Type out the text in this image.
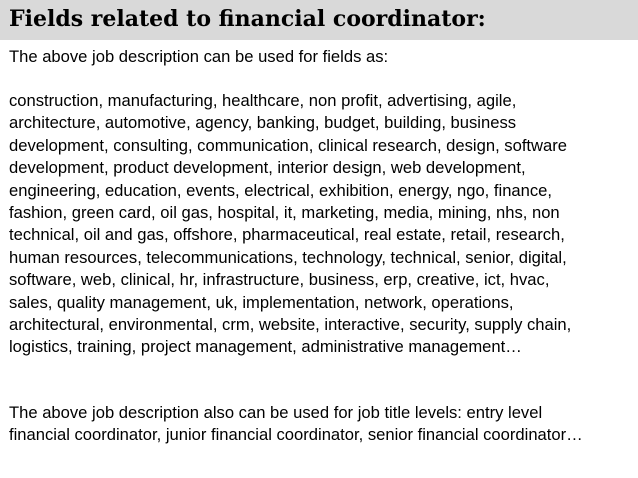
Fields related to financial coordinator:

The above job description can be used for fields as:

construction, manufacturing, healthcare, non profit, advertising, agile,
architecture, automotive, agency, banking, budget, building, business
development, consulting, communication, clinical research, design, software
development, product development, interior design, web development,
engineering, education, events, electrical, exhibition, energy, ngo, finance,
fashion, green card, oil gas, hospital, it, marketing, media, mining, nhs, non
technical, oil and gas, offshore, pharmaceutical, real estate, retail, research,
human resources, telecommunications, technology, technical, senior, digital,
software, web, clinical, hr, infrastructure, business, erp, creative, ict, hvac,
sales, quality management, uk, implementation, network, operations,
architectural, environmental, crm, website, interactive, security, supply chain,
logistics, training, project management, administrative management…

The above job description also can be used for job title levels: entry level
financial coordinator, junior financial coordinator, senior financial coordinator…
